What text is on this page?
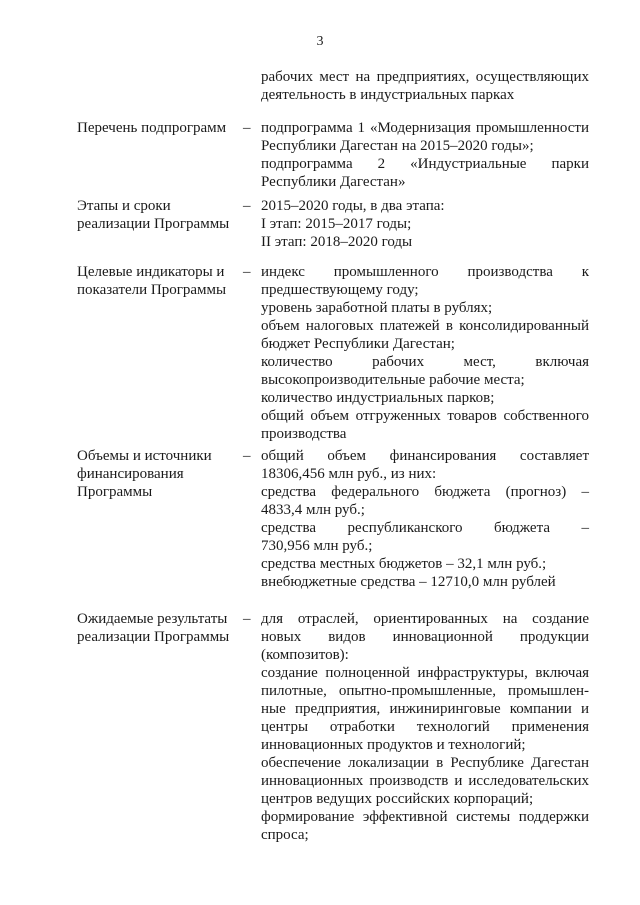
3
рабочих мест на предприятиях, осуществляющих
деятельность в индустриальных парках
Перечень подпрограмм	– подпрограмма 1 «Модернизация промышленности
Республики Дагестан на 2015–2020 годы»;
подпрограмма 2 «Индустриальные парки
Республики Дагестан»
Этапы и сроки
реализации Программы
– 2015–2020 годы, в два этапа:
I этап: 2015–2017 годы;
II этап: 2018–2020 годы
Целевые индикаторы и
показатели Программы
– индекс промышленного производства к
предшествующему году;
уровень заработной платы в рублях;
объем налоговых платежей в консолидированный
бюджет Республики Дагестан;
количество рабочих мест, включая
высокопроизводительные рабочие места;
количество индустриальных парков;
общий объем отгруженных товаров собственного
производства
Объемы и источники
финансирования
Программы
– общий объем финансирования составляет
18306,456 млн руб., из них:
средства федерального бюджета (прогноз) –
4833,4 млн руб.;
средства республиканского бюджета –
730,956 млн руб.;
средства местных бюджетов – 32,1 млн руб.;
внебюджетные средства – 12710,0 млн рублей
Ожидаемые результаты
реализации Программы
– для отраслей, ориентированных на создание
новых видов инновационной продукции
(композитов):
создание полноценной инфраструктуры, включая
пилотные, опытно-промышленные, промышлен-
ные предприятия, инжиниринговые компании и
центры отработки технологий применения
инновационных продуктов и технологий;
обеспечение локализации в Республике Дагестан
инновационных производств и исследовательских
центров ведущих российских корпораций;
формирование эффективной системы поддержки
спроса;
